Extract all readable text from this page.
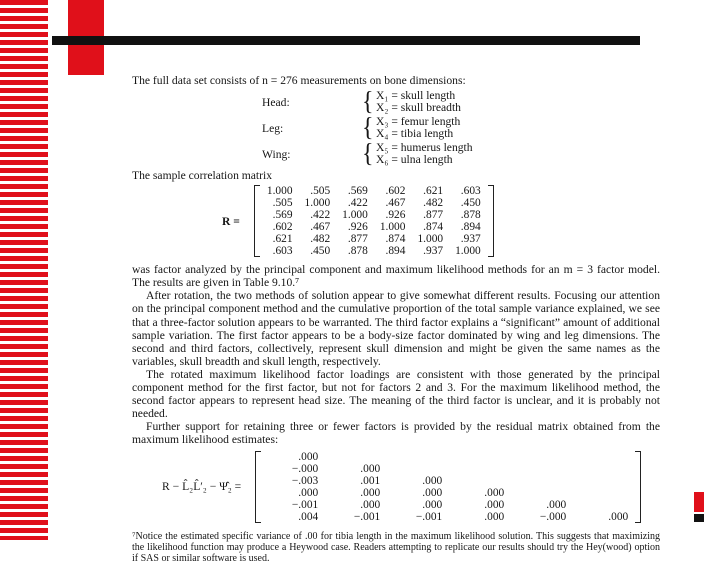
The full data set consists of n = 276 measurements on bone dimensions:

Head:	{ X₁ = skull length
X₂ = skull breadth
Leg:	{ X₃ = femur length
X₄ = tibia length
Wing:	{ X₅ = humerus length
X₆ = ulna length

The sample correlation matrix

R =
1.000	.505	.569	.602	.621	.603
.505	1.000	.422	.467	.482	.450
.569	.422	1.000	.926	.877	.878
.602	.467	.926	1.000	.874	.894
.621	.482	.877	.874	1.000	.937
.603	.450	.878	.894	.937	1.000

was factor analyzed by the principal component and maximum likelihood methods for an m = 3 factor model. The results are given in Table 9.10.⁷

After rotation, the two methods of solution appear to give somewhat different results. Focusing our attention on the principal component method and the cumulative proportion of the total sample variance explained, we see that a three-factor solution appears to be warranted. The third factor explains a “significant” amount of additional sample variation. The first factor appears to be a body-size factor dominated by wing and leg dimensions. The second and third factors, collectively, represent skull dimension and might be given the same names as the variables, skull breadth and skull length, respectively.

The rotated maximum likelihood factor loadings are consistent with those generated by the principal component method for the first factor, but not for factors 2 and 3. For the maximum likelihood method, the second factor appears to represent head size. The meaning of the third factor is unclear, and it is probably not needed.

Further support for retaining three or fewer factors is provided by the residual matrix obtained from the maximum likelihood estimates:

R − L̂₂L̂′₂ − Ψ̂₂ =
.000					
−.000	.000				
−.003	.001	.000			
.000	.000	.000	.000		
−.001	.000	.000	.000	.000	
.004	−.001	−.001	.000	−.000	.000

⁷Notice the estimated specific variance of .00 for tibia length in the maximum likelihood solution. This suggests that maximizing the likelihood function may produce a Heywood case. Readers attempting to replicate our results should try the Hey(wood) option if SAS or similar software is used.
